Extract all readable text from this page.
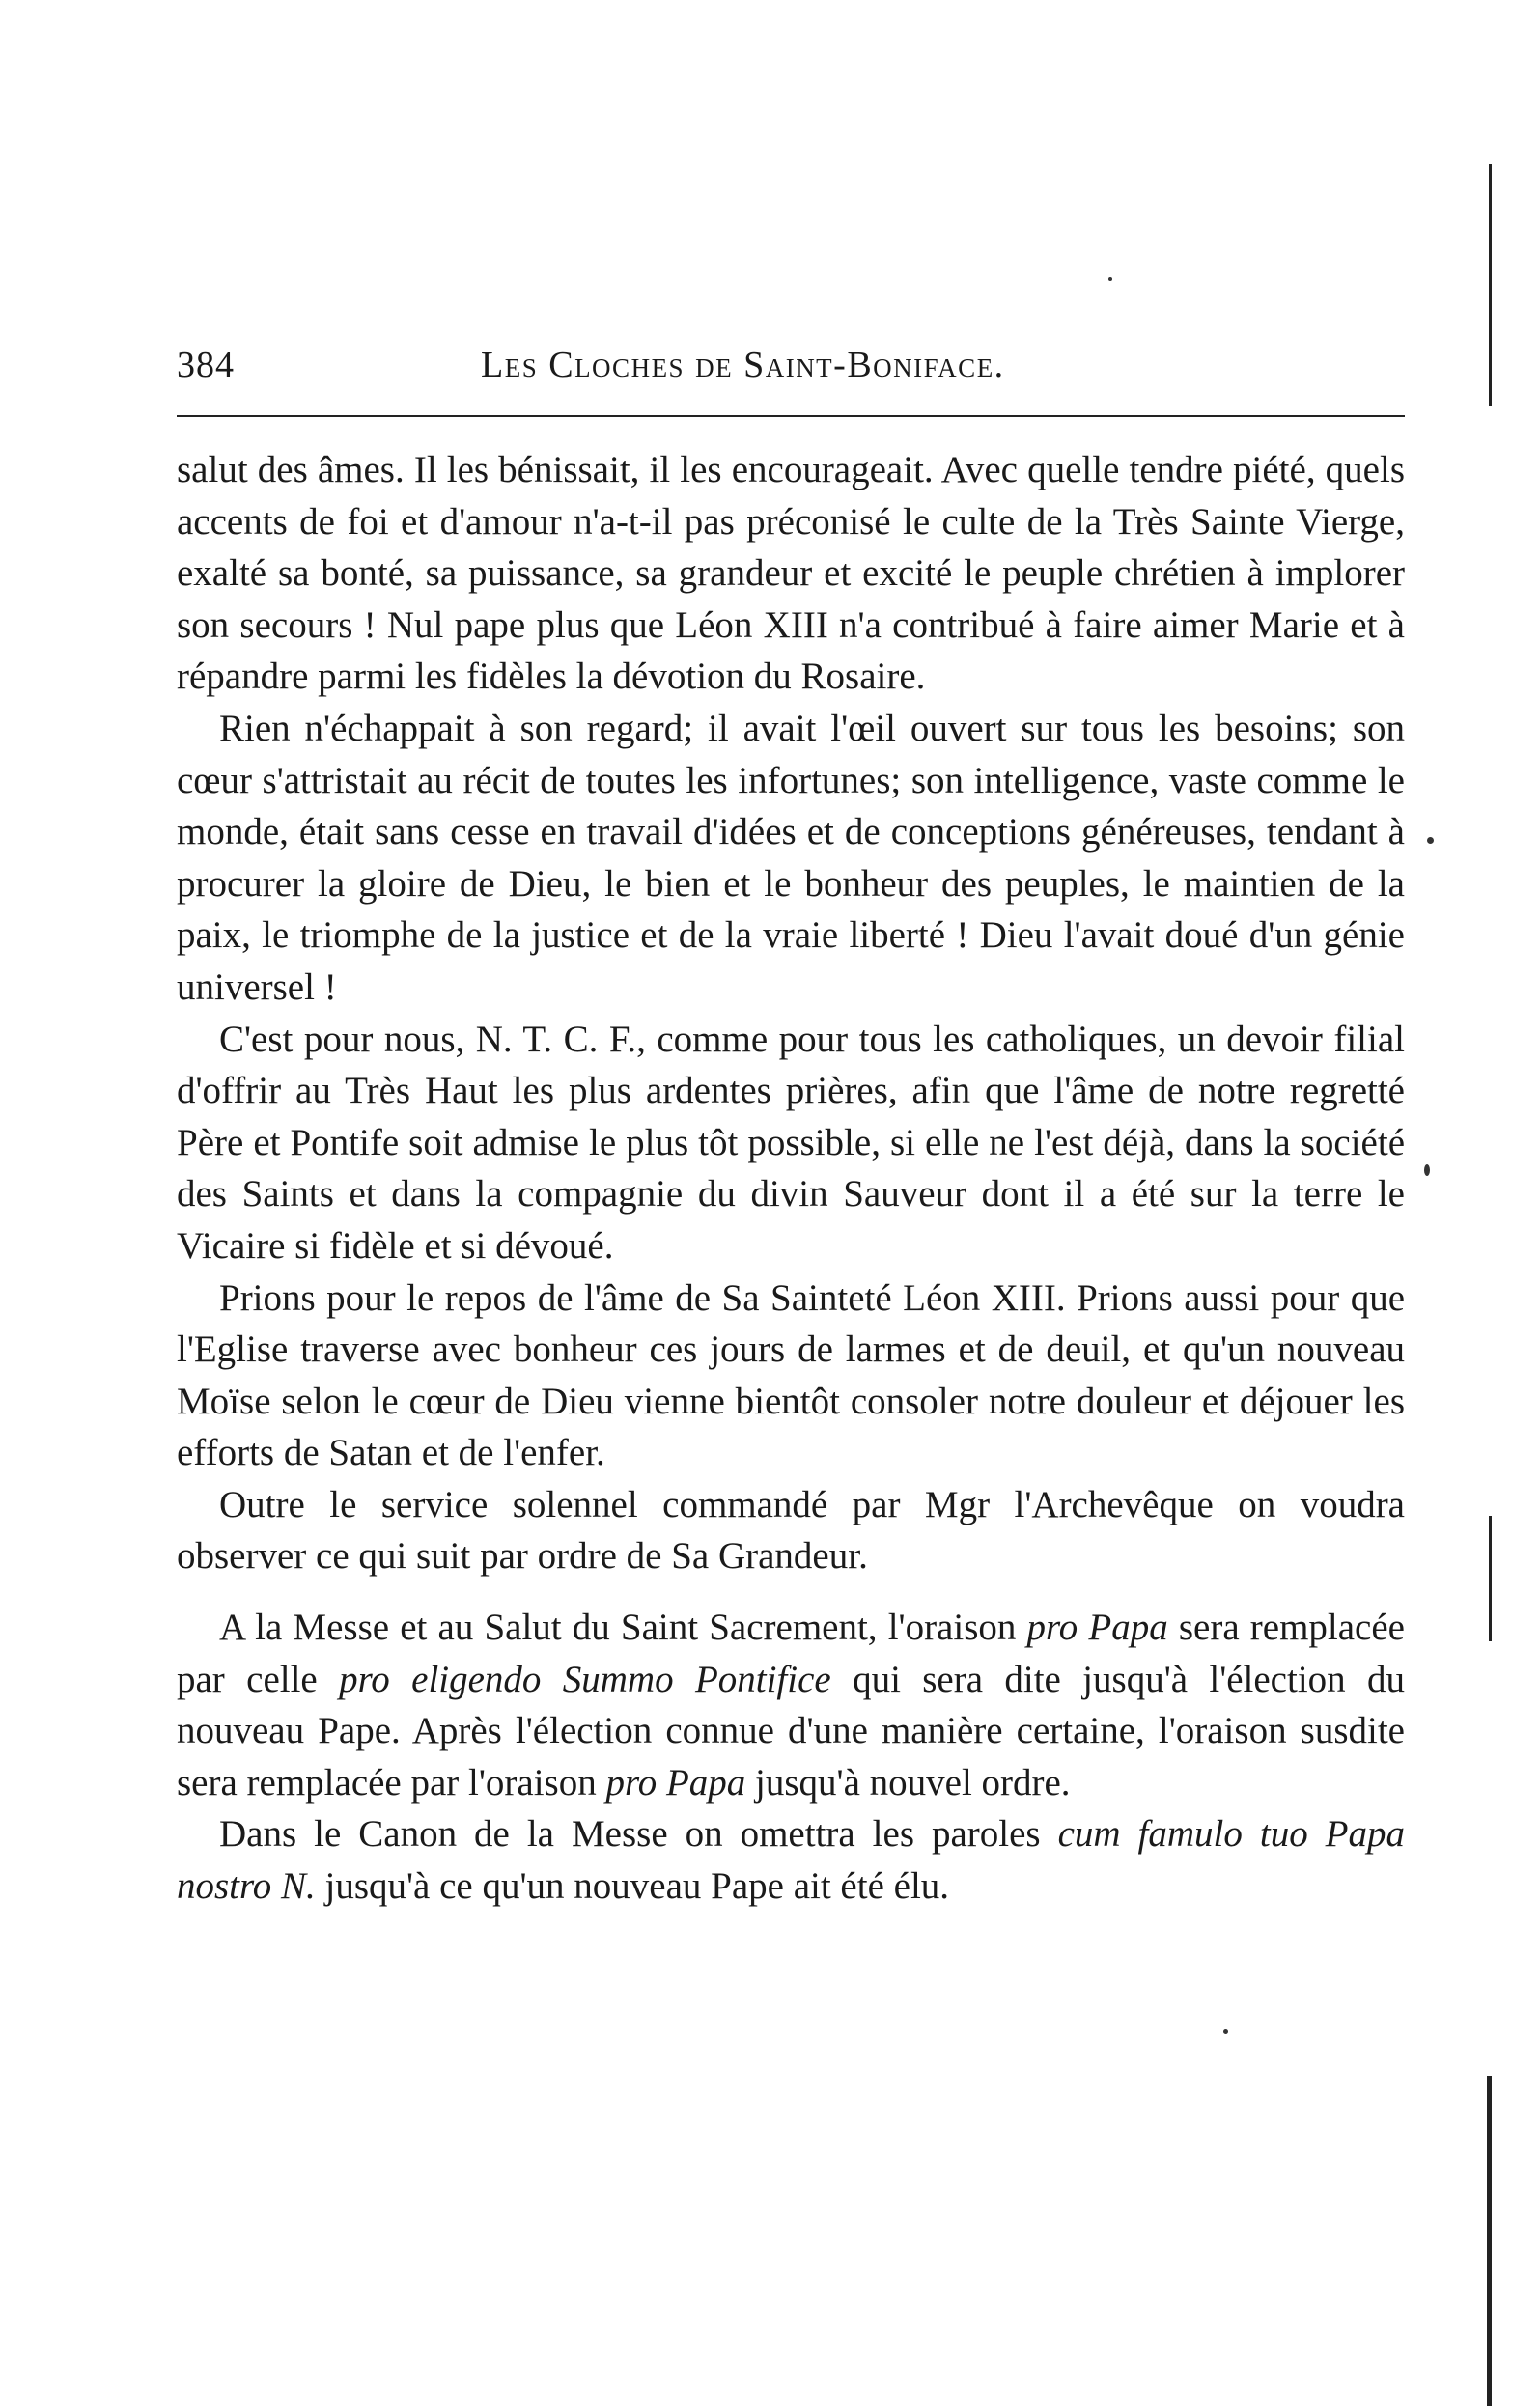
384	Les Cloches de Saint-Boniface.

salut des âmes. Il les bénissait, il les encourageait. Avec quelle tendre piété, quels accents de foi et d'amour n'a-t-il pas préconisé le culte de la Très Sainte Vierge, exalté sa bonté, sa puissance, sa grandeur et excité le peuple chrétien à implorer son secours ! Nul pape plus que Léon XIII n'a contribué à faire aimer Marie et à répandre parmi les fidèles la dévotion du Rosaire.

Rien n'échappait à son regard; il avait l'œil ouvert sur tous les besoins; son cœur s'attristait au récit de toutes les infortunes; son intelligence, vaste comme le monde, était sans cesse en travail d'idées et de conceptions généreuses, tendant à procurer la gloire de Dieu, le bien et le bonheur des peuples, le maintien de la paix, le triomphe de la justice et de la vraie liberté ! Dieu l'avait doué d'un génie universel !

C'est pour nous, N. T. C. F., comme pour tous les catholiques, un devoir filial d'offrir au Très Haut les plus ardentes prières, afin que l'âme de notre regretté Père et Pontife soit admise le plus tôt possible, si elle ne l'est déjà, dans la société des Saints et dans la compagnie du divin Sauveur dont il a été sur la terre le Vicaire si fidèle et si dévoué.

Prions pour le repos de l'âme de Sa Sainteté Léon XIII. Prions aussi pour que l'Eglise traverse avec bonheur ces jours de larmes et de deuil, et qu'un nouveau Moïse selon le cœur de Dieu vienne bientôt consoler notre douleur et déjouer les efforts de Satan et de l'enfer.

Outre le service solennel commandé par Mgr l'Archevêque on voudra observer ce qui suit par ordre de Sa Grandeur.

A la Messe et au Salut du Saint Sacrement, l'oraison pro Papa sera remplacée par celle pro eligendo Summo Pontifice qui sera dite jusqu'à l'élection du nouveau Pape. Après l'élection connue d'une manière certaine, l'oraison susdite sera remplacée par l'oraison pro Papa jusqu'à nouvel ordre.

Dans le Canon de la Messe on omettra les paroles cum famulo tuo Papa nostro N. jusqu'à ce qu'un nouveau Pape ait été élu.
